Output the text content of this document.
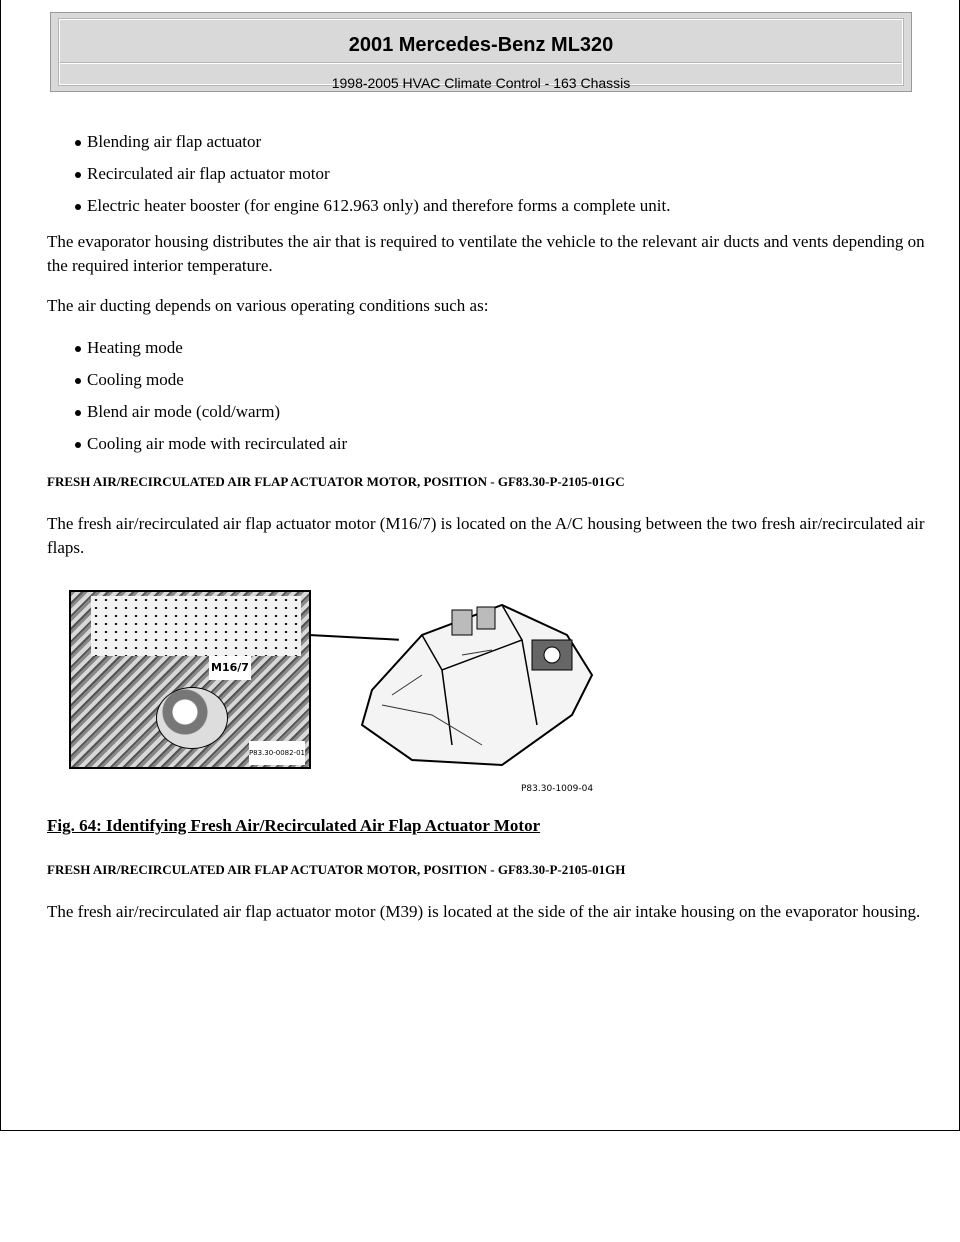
2001 Mercedes-Benz ML320
1998-2005 HVAC Climate Control - 163 Chassis
Blending air flap actuator
Recirculated air flap actuator motor
Electric heater booster (for engine 612.963 only) and therefore forms a complete unit.

The evaporator housing distributes the air that is required to ventilate the vehicle to the relevant air ducts and vents depending on the required interior temperature.

The air ducting depends on various operating conditions such as:

Heating mode
Cooling mode
Blend air mode (cold/warm)
Cooling air mode with recirculated air
FRESH AIR/RECIRCULATED AIR FLAP ACTUATOR MOTOR, POSITION - GF83.30-P-2105-01GC

The fresh air/recirculated air flap actuator motor (M16/7) is located on the A/C housing between the two fresh air/recirculated air flaps.

M16/7
P83.30-0082-01
P83.30-1009-04
Fig. 64: Identifying Fresh Air/Recirculated Air Flap Actuator Motor
FRESH AIR/RECIRCULATED AIR FLAP ACTUATOR MOTOR, POSITION - GF83.30-P-2105-01GH

The fresh air/recirculated air flap actuator motor (M39) is located at the side of the air intake housing on the evaporator housing.
